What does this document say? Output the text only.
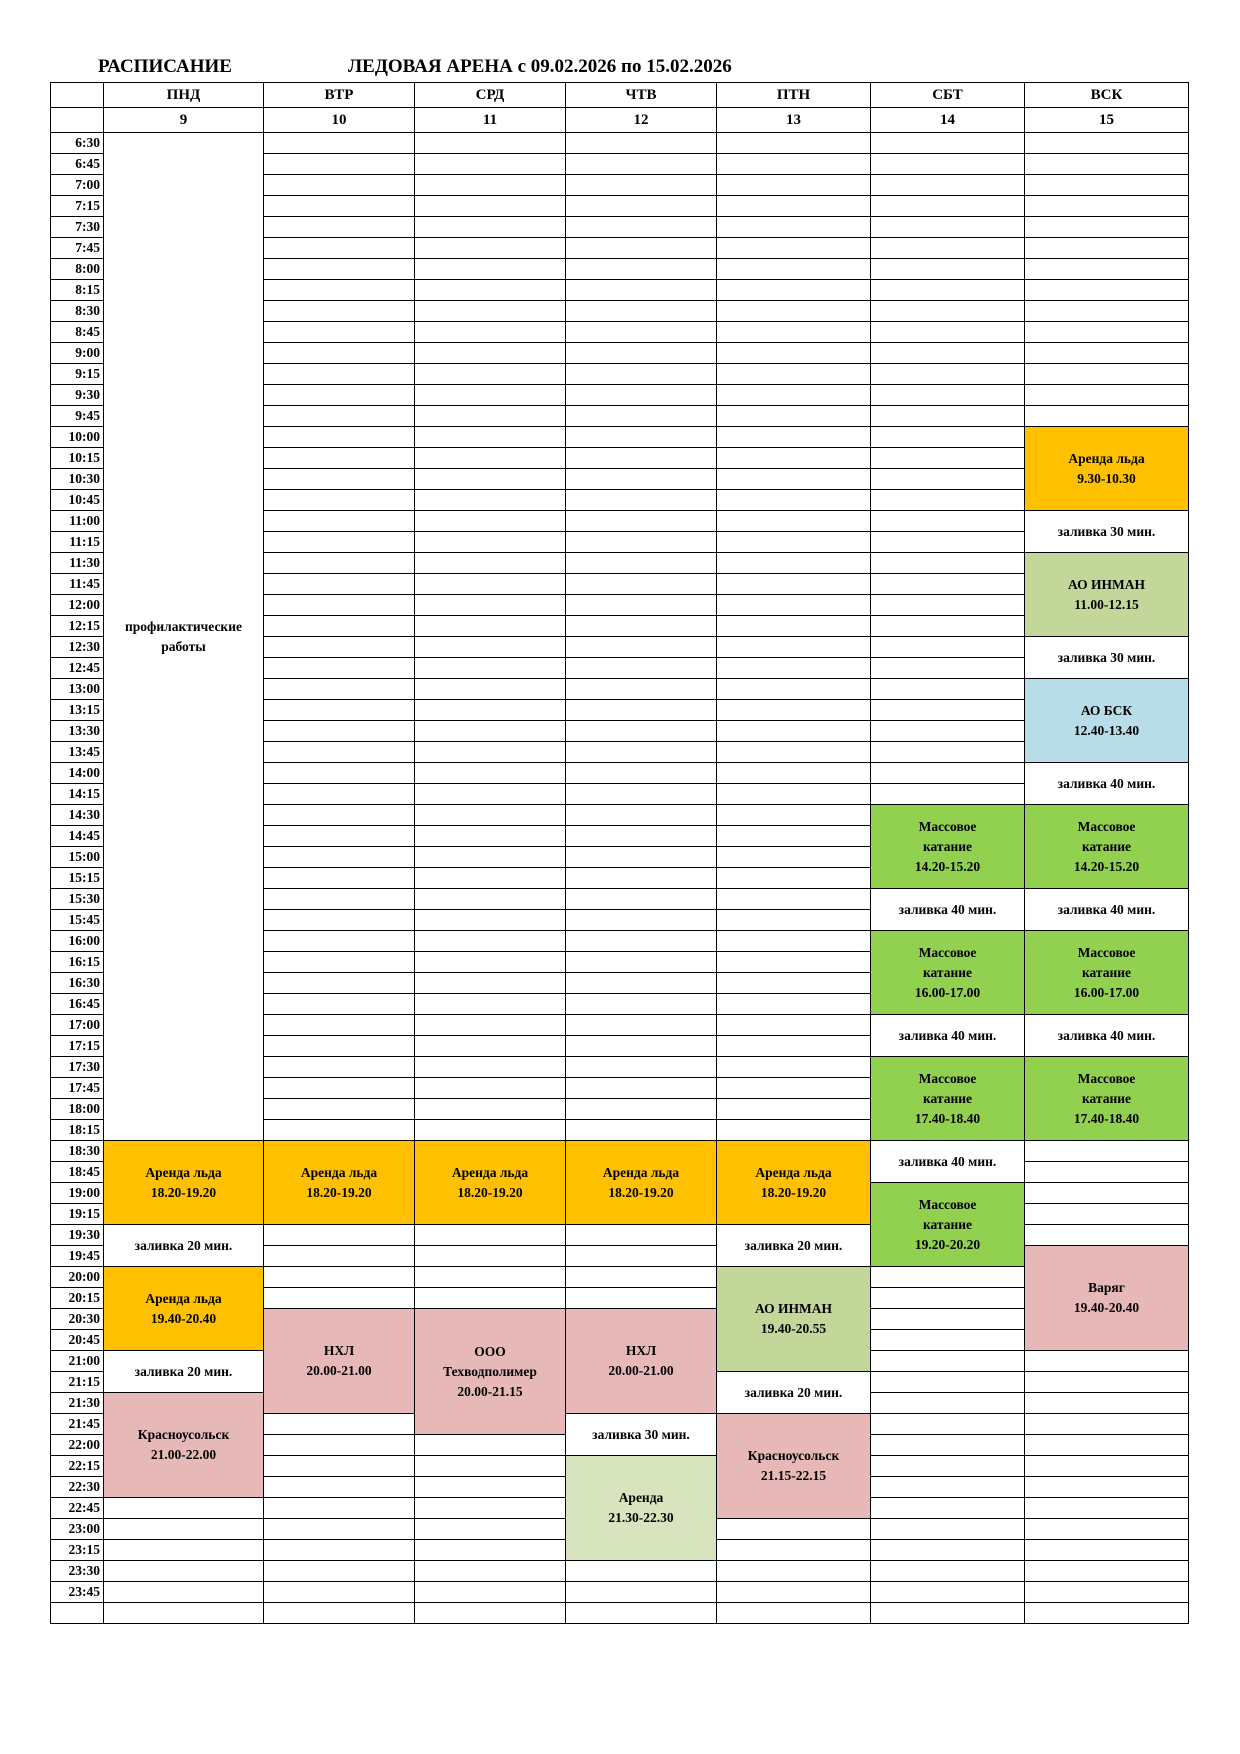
РАСПИСАНИЕ	ЛЕДОВАЯ АРЕНА с 09.02.2026 по 15.02.2026
	ПНД	ВТР	СРД	ЧТВ	ПТН	СБТ	ВСК
	9	10	11	12	13	14	15
6:30	профилактические
работы						

6:45							
7:00							
7:15							
7:30							
7:45							
8:00							
8:15							
8:30							
8:45							
9:00							
9:15							
9:30							
9:45							
10:00							Аренда льда
9.30-10.30

10:15							
10:30							
10:45							
11:00							заливка 30 мин.

11:15							
11:30							АО ИНМАН
11.00-12.15

11:45							
12:00							
12:15							
12:30							заливка 30 мин.

12:45							
13:00							АО БСК
12.40-13.40

13:15							
13:30							
13:45							
14:00							заливка 40 мин.

14:15							
14:30						Массовое
катание
14.20-15.20	Массовое
катание
14.20-15.20

14:45							
15:00							
15:15							
15:30						заливка 40 мин.	заливка 40 мин.

15:45							
16:00						Массовое
катание
16.00-17.00	Массовое
катание
16.00-17.00

16:15							
16:30							
16:45							
17:00						заливка 40 мин.	заливка 40 мин.

17:15							
17:30						Массовое
катание
17.40-18.40	Массовое
катание
17.40-18.40

17:45							
18:00							
18:15							
18:30	Аренда льда
18.20-19.20	Аренда льда
18.20-19.20	Аренда льда
18.20-19.20	Аренда льда
18.20-19.20	Аренда льда
18.20-19.20	заливка 40 мин.	

18:45							
19:00						Массовое
катание
19.20-20.20	

19:15							
19:30	заливка 20 мин.				заливка 20 мин.		

19:45							Варяг
19.40-20.40

20:00	Аренда льда
19.40-20.40				АО ИНМАН
19.40-20.55		

20:15							
20:30		НХЛ
20.00-21.00	ООО
Техводполимер
20.00-21.15	НХЛ
20.00-21.00			

20:45							
21:00	заливка 20 мин.						

21:15					заливка 20 мин.		

21:30	Красноусольск
21.00-22.00						

21:45				заливка 30 мин.	Красноусольск
21.15-22.15		

22:00							
22:15				Аренда
21.30-22.30			

22:30							
22:45							
23:00							
23:15							
23:30							
23:45							
